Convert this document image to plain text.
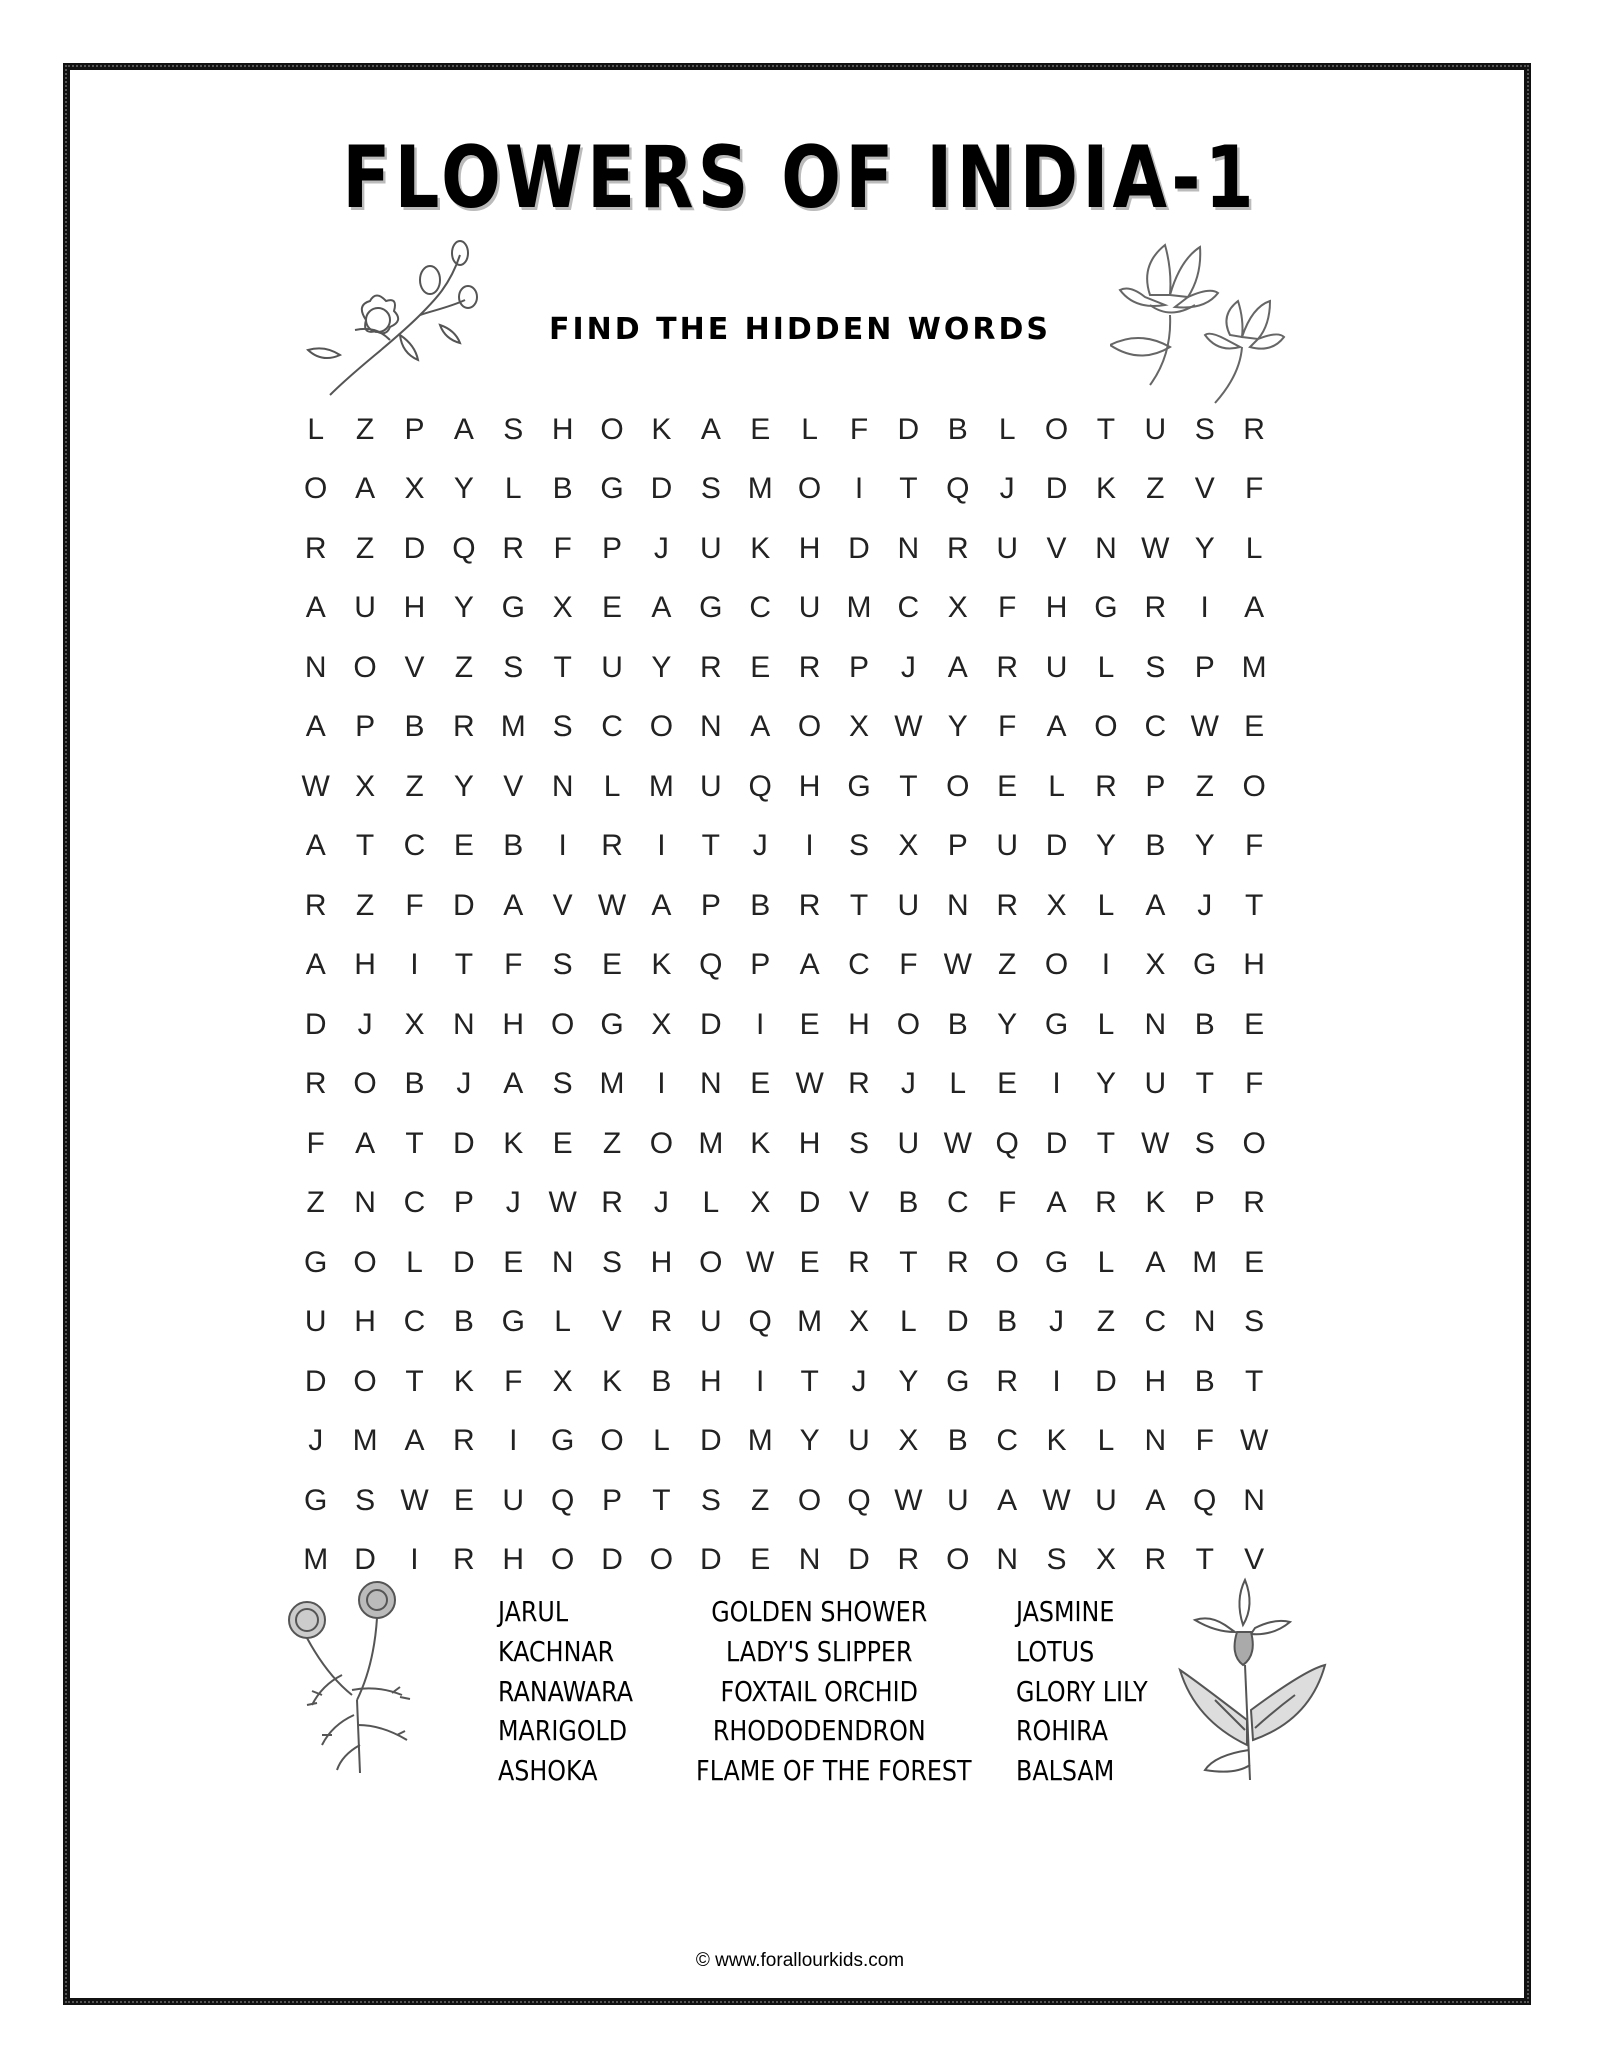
FLOWERS OF INDIA-1
FIND THE HIDDEN WORDS
L	Z	P A S H O K A E	L	F D B	L O T U S R
O A X Y	L	B G D S M O	I	T Q	J	D K	Z	V	F
R Z D Q R F	P	J	U K H D N R U V N W Y	L
A U H Y G X E A G C U M C X	F H G R	I	A
N O V	Z	S	T U Y R E R P	J	A R U	L	S P M
A P B R M S C O N A O X W Y	F	A O C W E
W X	Z	Y V N	L M U Q H G T O E	L	R P	Z O
A	T C E B	I	R	I	T	J	I	S X P U D Y B Y	F
R Z	F D A V W A P B R T U N R X	L	A	J	T
A H	I	T	F	S E K Q P A C F W Z O	I	X G H
D	J	X N H O G X D	I	E H O B Y G L	N B E
R O B	J	A S M	I	N E W R	J	L	E	I	Y U T	F
F	A	T D K E	Z O M K H S U W Q D T W S O
Z N C P	J W R	J	L	X D V B C F	A R K P R
G O L	D E N S H O W E R T R O G L	A M E
U H C B G L	V R U Q M X	L	D B	J	Z C N S
D O T	K	F	X K B H	I	T	J	Y G R	I	D H B	T
J M A R	I	G O L	D M Y U X B C K	L	N F W
G S W E U Q P	T	S	Z O Q W U A W U A Q N
M D	I	R H O D O D E N D R O N S X R T	V
JARUL
KACHNAR
RANAWARA
MARIGOLD
ASHOKA
GOLDEN SHOWER
LADY'S SLIPPER
FOXTAIL ORCHID
RHODODENDRON
FLAME OF THE FOREST
JASMINE
LOTUS
GLORY LILY
ROHIRA
BALSAM
© www.forallourkids.com
